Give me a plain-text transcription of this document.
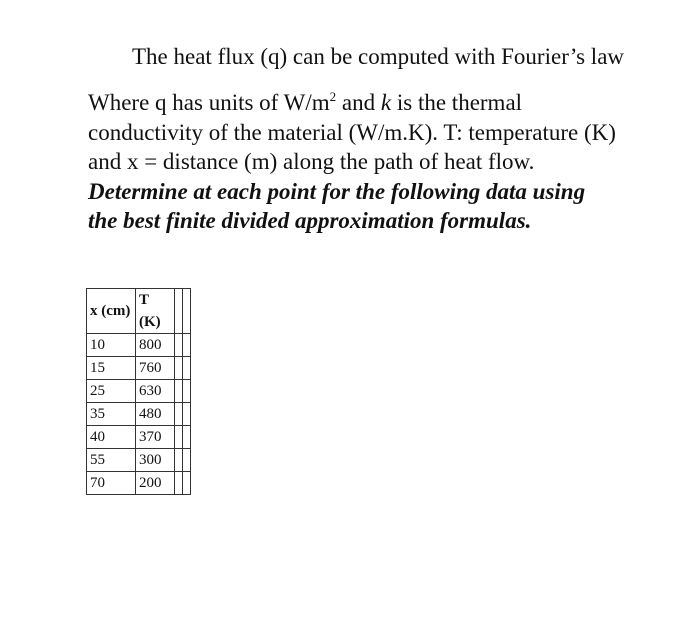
The heat flux (q) can be computed with Fourier’s law
Where q has units of $W/m^2$ and k is the thermal
conductivity of the material (W/m.K). T: temperature (K)
and x = distance (m) along the path of heat flow.
Determine at each point for the following data using
the best finite divided approximation formulas.
x (cm)	T (K)		
10	800		
15	760		
25	630		
35	480		
40	370		
55	300		
70	200		
